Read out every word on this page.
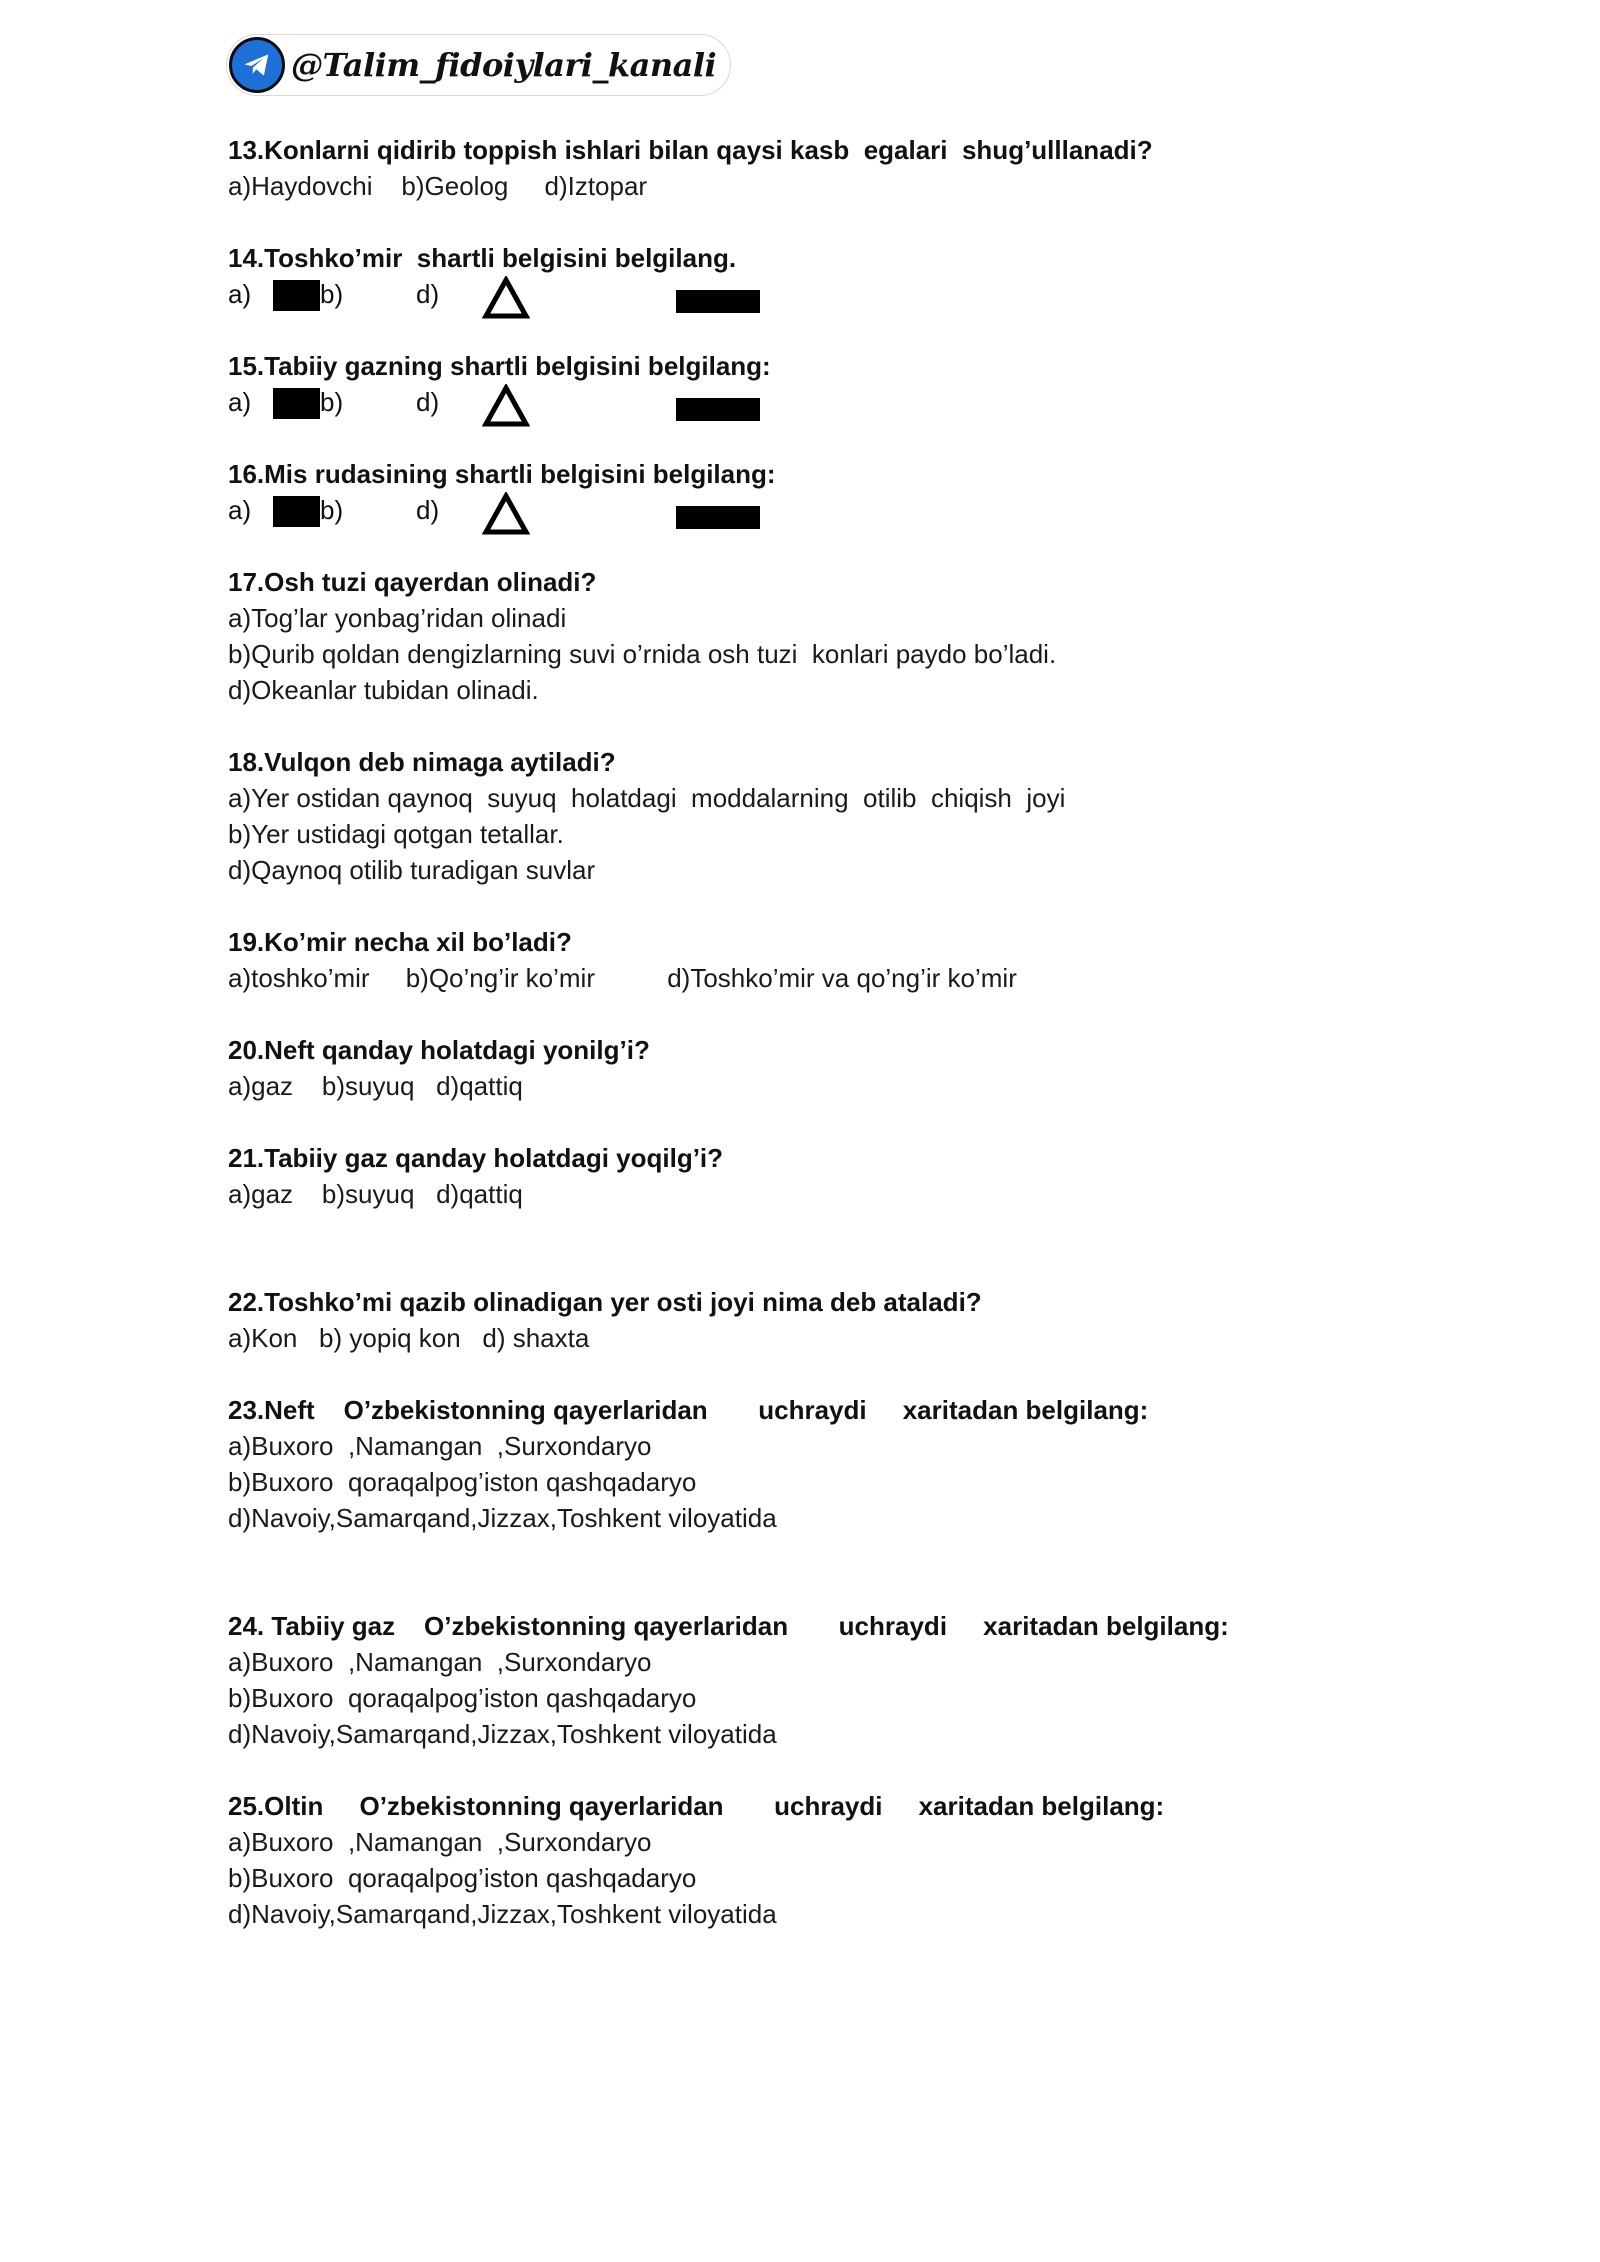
@Talim_fidoiylari_kanali
13.Konlarni qidirib toppish ishlari bilan qaysi kasb  egalari  shug’ulllanadi?
a)Haydovchi    b)Geolog     d)Iztopar
14.Toshko’mir  shartli belgisini belgilang.
a)	b)	d)
15.Tabiiy gazning shartli belgisini belgilang:
a)	b)	d)
16.Mis rudasining shartli belgisini belgilang:
a)	b)	d)
17.Osh tuzi qayerdan olinadi?
a)Tog’lar yonbag’ridan olinadi
b)Qurib qoldan dengizlarning suvi o’rnida osh tuzi  konlari paydo bo’ladi.
d)Okeanlar tubidan olinadi.
18.Vulqon deb nimaga aytiladi?
a)Yer ostidan qaynoq  suyuq  holatdagi  moddalarning  otilib  chiqish  joyi
b)Yer ustidagi qotgan tetallar.
d)Qaynoq otilib turadigan suvlar
19.Ko’mir necha xil bo’ladi?
a)toshko’mir     b)Qo’ng’ir ko’mir          d)Toshko’mir va qo’ng’ir ko’mir
20.Neft qanday holatdagi yonilg’i?
a)gaz    b)suyuq   d)qattiq
21.Tabiiy gaz qanday holatdagi yoqilg’i?
a)gaz    b)suyuq   d)qattiq
22.Toshko’mi qazib olinadigan yer osti joyi nima deb ataladi?
a)Kon   b) yopiq kon   d) shaxta
23.Neft    O’zbekistonning qayerlaridan       uchraydi     xaritadan belgilang:
a)Buxoro  ,Namangan  ,Surxondaryo
b)Buxoro  qoraqalpog’iston qashqadaryo
d)Navoiy,Samarqand,Jizzax,Toshkent viloyatida
24. Tabiiy gaz    O’zbekistonning qayerlaridan       uchraydi     xaritadan belgilang:
a)Buxoro  ,Namangan  ,Surxondaryo
b)Buxoro  qoraqalpog’iston qashqadaryo
d)Navoiy,Samarqand,Jizzax,Toshkent viloyatida
25.Oltin     O’zbekistonning qayerlaridan       uchraydi     xaritadan belgilang:
a)Buxoro  ,Namangan  ,Surxondaryo
b)Buxoro  qoraqalpog’iston qashqadaryo
d)Navoiy,Samarqand,Jizzax,Toshkent viloyatida
